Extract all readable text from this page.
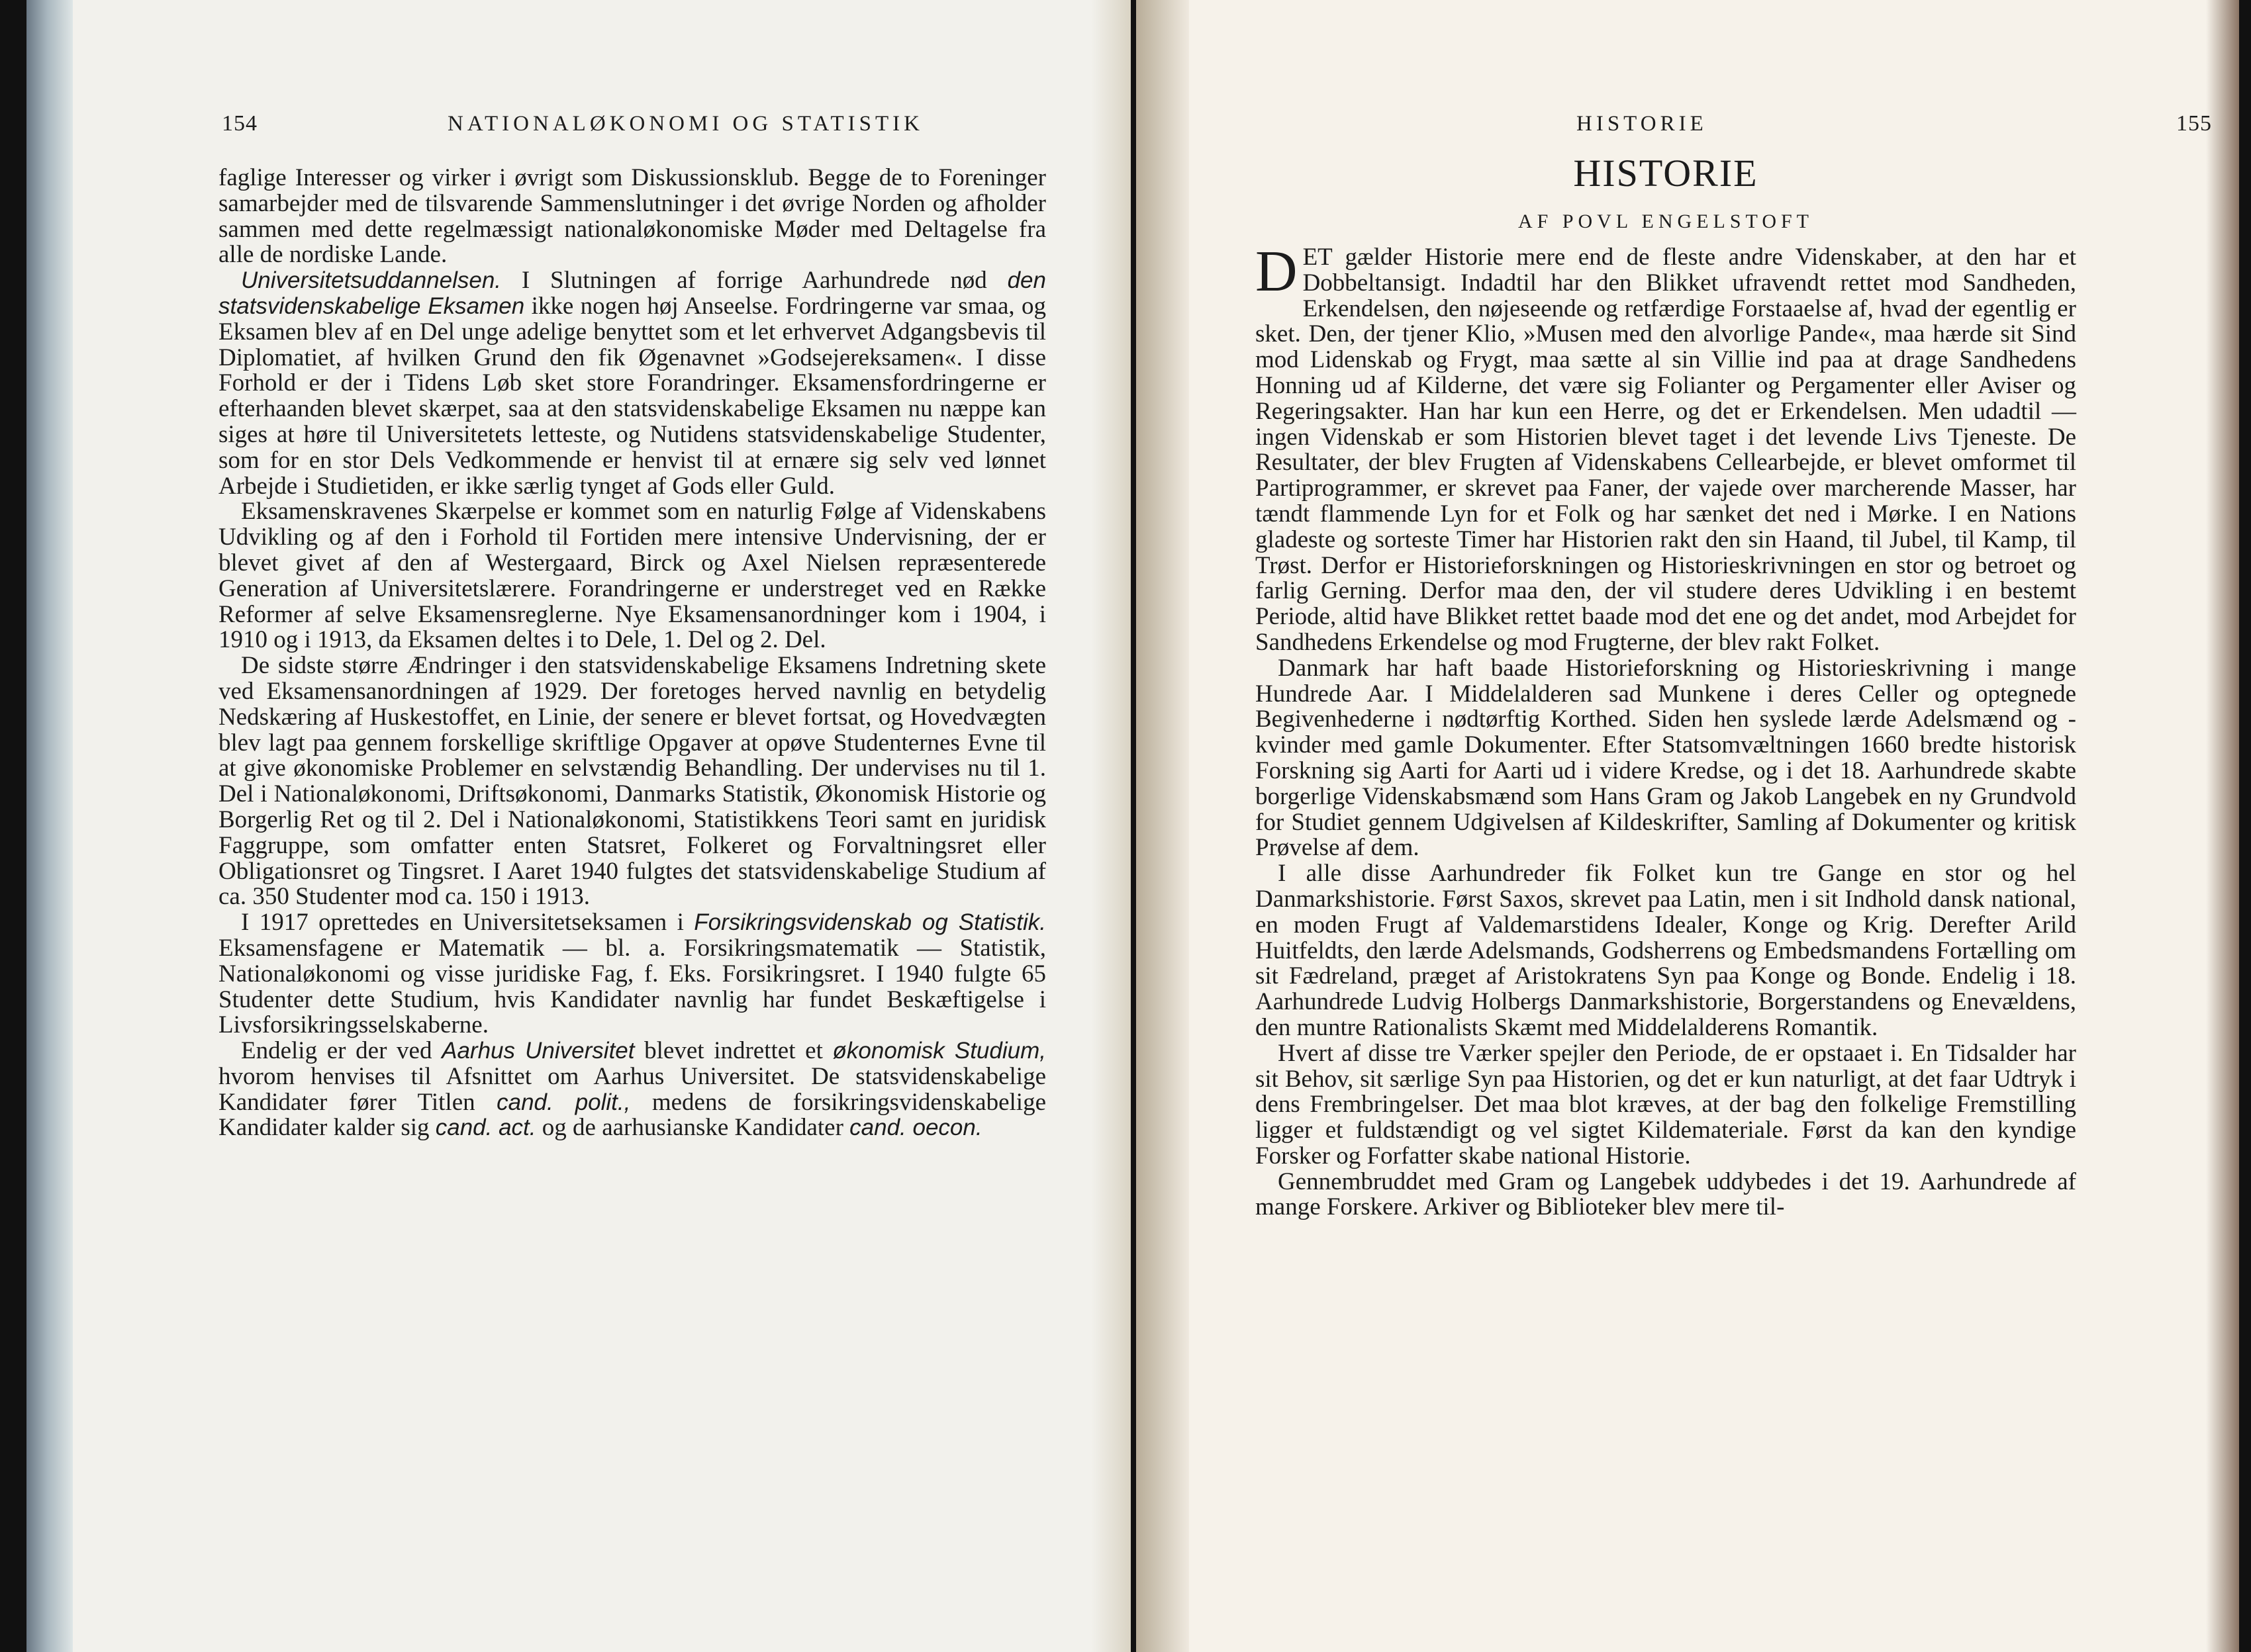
154	NATIONALØKONOMI OG STATISTIK

faglige Interesser og virker i øvrigt som Diskussionsklub. Begge de to Foreninger samarbejder med de tilsvarende Sammenslutninger i det øvrige Norden og afholder sammen med dette regelmæssigt nationaløkonomiske Møder med Deltagelse fra alle de nordiske Lande.

Universitetsuddannelsen. I Slutningen af forrige Aarhundrede nød den statsvidenskabelige Eksamen ikke nogen høj Anseelse. Fordringerne var smaa, og Eksamen blev af en Del unge adelige benyttet som et let erhvervet Adgangsbevis til Diplomatiet, af hvilken Grund den fik Øgenavnet »Godsejereksamen«. I disse Forhold er der i Tidens Løb sket store Forandringer. Eksamensfordringerne er efterhaanden blevet skærpet, saa at den statsvidenskabelige Eksamen nu næppe kan siges at høre til Universitetets letteste, og Nutidens statsvidenskabelige Studenter, som for en stor Dels Vedkommende er henvist til at ernære sig selv ved lønnet Arbejde i Studietiden, er ikke særlig tynget af Gods eller Guld.

Eksamenskravenes Skærpelse er kommet som en naturlig Følge af Videnskabens Udvikling og af den i Forhold til Fortiden mere intensive Undervisning, der er blevet givet af den af Westergaard, Birck og Axel Nielsen repræsenterede Generation af Universitetslærere. Forandringerne er understreget ved en Række Reformer af selve Eksamensreglerne. Nye Eksamensanordninger kom i 1904, i 1910 og i 1913, da Eksamen deltes i to Dele, 1. Del og 2. Del.

De sidste større Ændringer i den statsvidenskabelige Eksamens Indretning skete ved Eksamensanordningen af 1929. Der foretoges herved navnlig en betydelig Nedskæring af Huskestoffet, en Linie, der senere er blevet fortsat, og Hovedvægten blev lagt paa gennem forskellige skriftlige Opgaver at opøve Studenternes Evne til at give økonomiske Problemer en selvstændig Behandling. Der undervises nu til 1. Del i Nationaløkonomi, Driftsøkonomi, Danmarks Statistik, Økonomisk Historie og Borgerlig Ret og til 2. Del i Nationaløkonomi, Statistikkens Teori samt en juridisk Faggruppe, som omfatter enten Statsret, Folkeret og Forvaltningsret eller Obligationsret og Tingsret. I Aaret 1940 fulgtes det statsvidenskabelige Studium af ca. 350 Studenter mod ca. 150 i 1913.

I 1917 oprettedes en Universitetseksamen i Forsikringsvidenskab og Statistik. Eksamensfagene er Matematik — bl. a. Forsikringsmatematik — Statistik, Nationaløkonomi og visse juridiske Fag, f. Eks. Forsikringsret. I 1940 fulgte 65 Studenter dette Studium, hvis Kandidater navnlig har fundet Beskæftigelse i Livsforsikringsselskaberne.

Endelig er der ved Aarhus Universitet blevet indrettet et økonomisk Studium, hvorom henvises til Afsnittet om Aarhus Universitet. De statsvidenskabelige Kandidater fører Titlen cand. polit., medens de forsikringsvidenskabelige Kandidater kalder sig cand. act. og de aarhusianske Kandidater cand. oecon.

HISTORIE	155
HISTORIE
AF POVL ENGELSTOFT

DET gælder Historie mere end de fleste andre Videnskaber, at den har et Dobbeltansigt. Indadtil har den Blikket ufravendt rettet mod Sandheden, Erkendelsen, den nøjeseende og retfærdige Forstaaelse af, hvad der egentlig er sket. Den, der tjener Klio, »Musen med den alvorlige Pande«, maa hærde sit Sind mod Lidenskab og Frygt, maa sætte al sin Villie ind paa at drage Sandhedens Honning ud af Kilderne, det være sig Folianter og Pergamenter eller Aviser og Regeringsakter. Han har kun een Herre, og det er Erkendelsen. Men udadtil — ingen Videnskab er som Historien blevet taget i det levende Livs Tjeneste. De Resultater, der blev Frugten af Videnskabens Cellearbejde, er blevet omformet til Partiprogrammer, er skrevet paa Faner, der vajede over marcherende Masser, har tændt flammende Lyn for et Folk og har sænket det ned i Mørke. I en Nations gladeste og sorteste Timer har Historien rakt den sin Haand, til Jubel, til Kamp, til Trøst. Derfor er Historieforskningen og Historieskrivningen en stor og betroet og farlig Gerning. Derfor maa den, der vil studere deres Udvikling i en bestemt Periode, altid have Blikket rettet baade mod det ene og det andet, mod Arbejdet for Sandhedens Erkendelse og mod Frugterne, der blev rakt Folket.

Danmark har haft baade Historieforskning og Historieskrivning i mange Hundrede Aar. I Middelalderen sad Munkene i deres Celler og optegnede Begivenhederne i nødtørftig Korthed. Siden hen syslede lærde Adelsmænd og -kvinder med gamle Dokumenter. Efter Statsomvæltningen 1660 bredte historisk Forskning sig Aarti for Aarti ud i videre Kredse, og i det 18. Aarhundrede skabte borgerlige Videnskabsmænd som Hans Gram og Jakob Langebek en ny Grundvold for Studiet gennem Udgivelsen af Kildeskrifter, Samling af Dokumenter og kritisk Prøvelse af dem.

I alle disse Aarhundreder fik Folket kun tre Gange en stor og hel Danmarkshistorie. Først Saxos, skrevet paa Latin, men i sit Indhold dansk national, en moden Frugt af Valdemarstidens Idealer, Konge og Krig. Derefter Arild Huitfeldts, den lærde Adelsmands, Godsherrens og Embedsmandens Fortælling om sit Fædreland, præget af Aristokratens Syn paa Konge og Bonde. Endelig i 18. Aarhundrede Ludvig Holbergs Danmarkshistorie, Borgerstandens og Enevældens, den muntre Rationalists Skæmt med Middelalderens Romantik.

Hvert af disse tre Værker spejler den Periode, de er opstaaet i. En Tidsalder har sit Behov, sit særlige Syn paa Historien, og det er kun naturligt, at det faar Udtryk i dens Frembringelser. Det maa blot kræves, at der bag den folkelige Fremstilling ligger et fuldstændigt og vel sigtet Kildemateriale. Først da kan den kyndige Forsker og Forfatter skabe national Historie.

Gennembruddet med Gram og Langebek uddybedes i det 19. Aarhundrede af mange Forskere. Arkiver og Biblioteker blev mere til-
